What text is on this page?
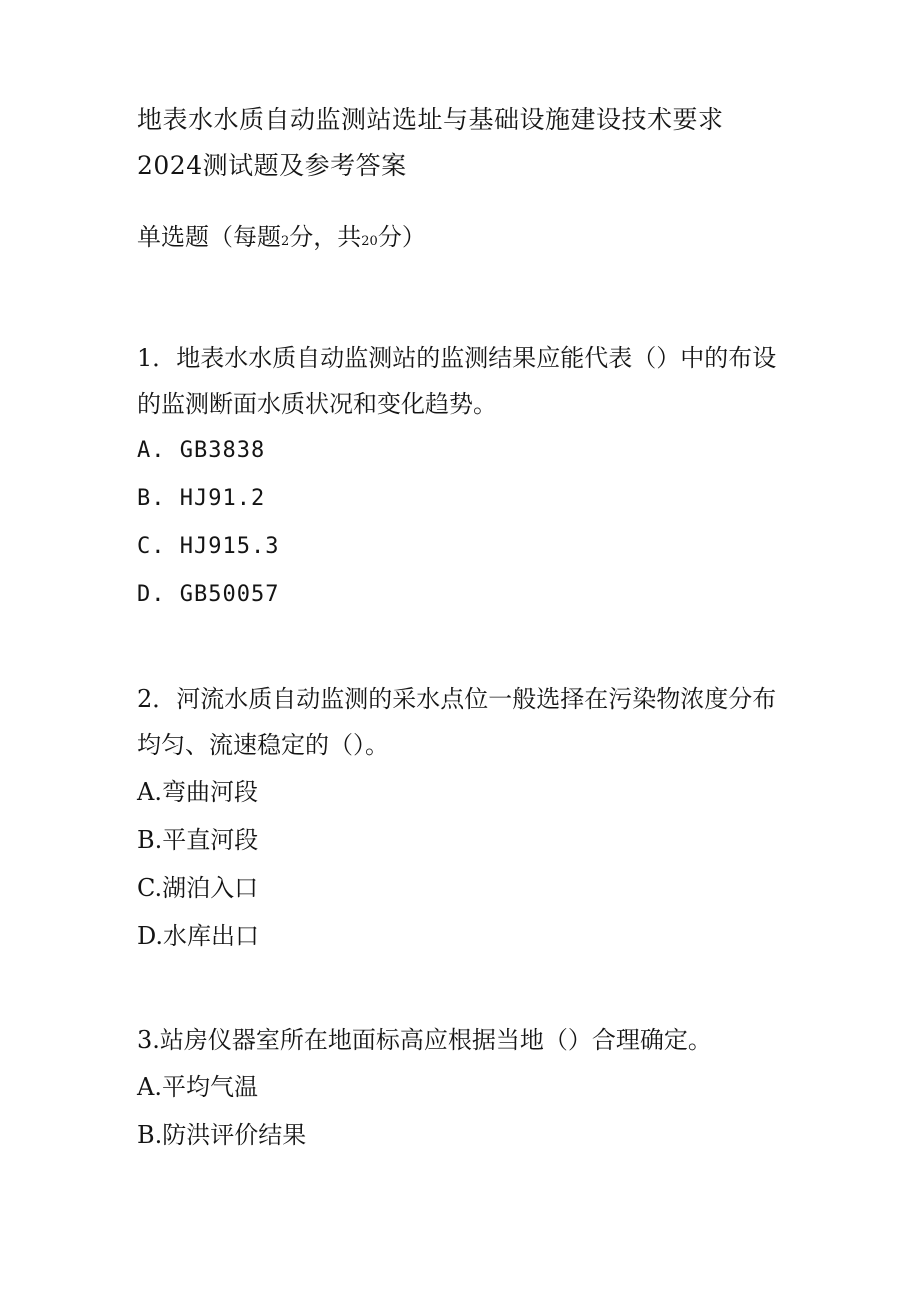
地表水水质自动监测站选址与基础设施建设技术要求2024测试题及参考答案
单选题（每题2分，共20分）

1．地表水水质自动监测站的监测结果应能代表（）中的布设的监测断面水质状况和变化趋势。

A. GB3838

B. HJ91.2

C. HJ915.3

D. GB50057

2．河流水质自动监测的采水点位一般选择在污染物浓度分布均匀、流速稳定的（）。

A.弯曲河段

B.平直河段

C.湖泊入口

D.水库出口

3.站房仪器室所在地面标高应根据当地（）合理确定。

A.平均气温

B.防洪评价结果
